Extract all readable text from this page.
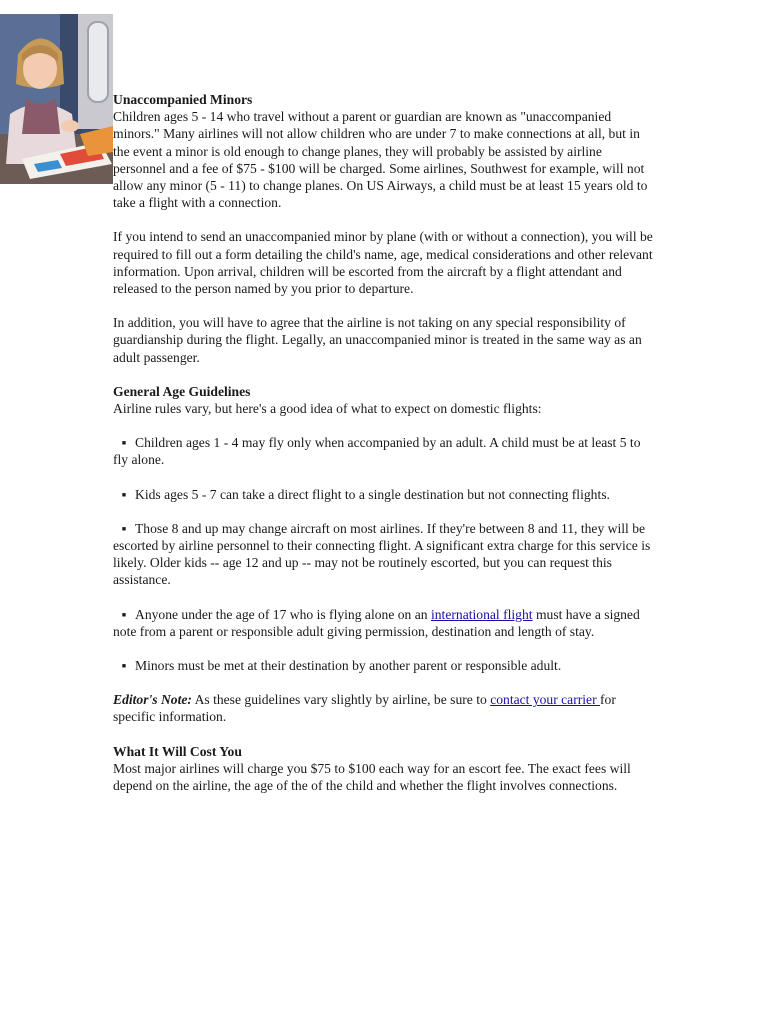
Unaccompanied Minors

Children ages 5 - 14 who travel without a parent or guardian are known as "unaccompanied minors." Many airlines will not allow children who are under 7 to make connections at all, but in the event a minor is old enough to change planes, they will probably be assisted by airline personnel and a fee of $75 - $100 will be charged. Some airlines, Southwest for example, will not allow any minor (5 - 11) to change planes. On US Airways, a child must be at least 15 years old to take a flight with a connection.

If you intend to send an unaccompanied minor by plane (with or without a connection), you will be required to fill out a form detailing the child's name, age, medical considerations and other relevant information. Upon arrival, children will be escorted from the aircraft by a flight attendant and released to the person named by you prior to departure.

In addition, you will have to agree that the airline is not taking on any special responsibility of guardianship during the flight. Legally, an unaccompanied minor is treated in the same way as an adult passenger.

General Age Guidelines

Airline rules vary, but here's a good idea of what to expect on domestic flights:

▪ Children ages 1 - 4 may fly only when accompanied by an adult. A child must be at least 5 to fly alone.

▪ Kids ages 5 - 7 can take a direct flight to a single destination but not connecting flights.

▪ Those 8 and up may change aircraft on most airlines. If they're between 8 and 11, they will be escorted by airline personnel to their connecting flight. A significant extra charge for this service is likely. Older kids -- age 12 and up -- may not be routinely escorted, but you can request this assistance.

▪ Anyone under the age of 17 who is flying alone on an international flight must have a signed note from a parent or responsible adult giving permission, destination and length of stay.

▪ Minors must be met at their destination by another parent or responsible adult.

Editor's Note: As these guidelines vary slightly by airline, be sure to contact your carrier for specific information.

What It Will Cost You

Most major airlines will charge you $75 to $100 each way for an escort fee. The exact fees will depend on the airline, the age of the of the child and whether the flight involves connections.
